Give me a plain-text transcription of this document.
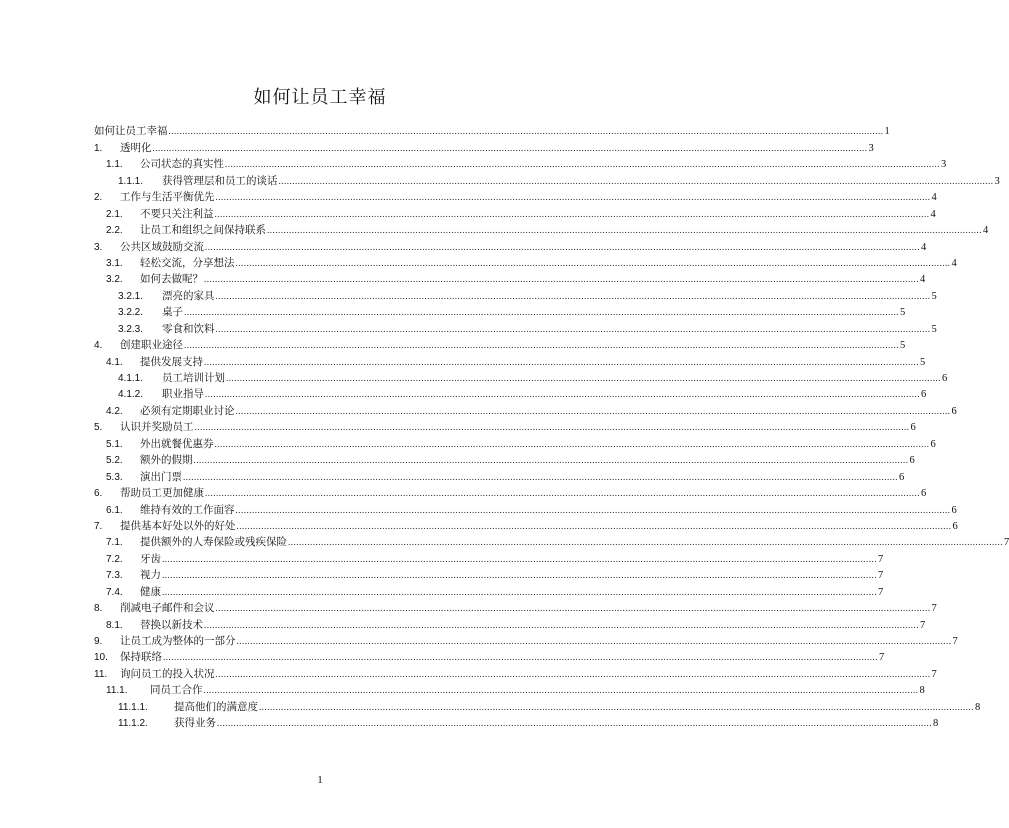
如何让员工幸福
如何让员工幸福 .................................................................................................................................................................................................................................................................... 1
1.	透明化 .................................................................................................................................................................................................................................................................... 3
1.1.	公司状态的真实性 .................................................................................................................................................................................................................................................................... 3
1.1.1.	获得管理层和员工的谈话 .................................................................................................................................................................................................................................................................... 3
2.	工作与生活平衡优先 .................................................................................................................................................................................................................................................................... 4
2.1.	不要只关注利益 .................................................................................................................................................................................................................................................................... 4
2.2.	让员工和组织之间保持联系 .................................................................................................................................................................................................................................................................... 4
3.	公共区域鼓励交流 .................................................................................................................................................................................................................................................................... 4
3.1.	轻松交流，分享想法 .................................................................................................................................................................................................................................................................... 4
3.2.	如何去做呢？ .................................................................................................................................................................................................................................................................... 4
3.2.1.	漂亮的家具 .................................................................................................................................................................................................................................................................... 5
3.2.2.	桌子 .................................................................................................................................................................................................................................................................... 5
3.2.3.	零食和饮料 .................................................................................................................................................................................................................................................................... 5
4.	创建职业途径 .................................................................................................................................................................................................................................................................... 5
4.1.	提供发展支持 .................................................................................................................................................................................................................................................................... 5
4.1.1.	员工培训计划 .................................................................................................................................................................................................................................................................... 6
4.1.2.	职业指导 .................................................................................................................................................................................................................................................................... 6
4.2.	必须有定期职业讨论 .................................................................................................................................................................................................................................................................... 6
5.	认识并奖励员工 .................................................................................................................................................................................................................................................................... 6
5.1.	外出就餐优惠券 .................................................................................................................................................................................................................................................................... 6
5.2.	额外的假期 .................................................................................................................................................................................................................................................................... 6
5.3.	演出门票 .................................................................................................................................................................................................................................................................... 6
6.	帮助员工更加健康 .................................................................................................................................................................................................................................................................... 6
6.1.	维持有效的工作面容 .................................................................................................................................................................................................................................................................... 6
7.	提供基本好处以外的好处 .................................................................................................................................................................................................................................................................... 6
7.1.	提供额外的人寿保险或残疾保险 .................................................................................................................................................................................................................................................................... 7
7.2.	牙齿 .................................................................................................................................................................................................................................................................... 7
7.3.	视力 .................................................................................................................................................................................................................................................................... 7
7.4.	健康 .................................................................................................................................................................................................................................................................... 7
8.	削减电子邮件和会议 .................................................................................................................................................................................................................................................................... 7
8.1.	替换以新技术 .................................................................................................................................................................................................................................................................... 7
9.	让员工成为整体的一部分 .................................................................................................................................................................................................................................................................... 7
10.	保持联络 .................................................................................................................................................................................................................................................................... 7
11.	询问员工的投入状况 .................................................................................................................................................................................................................................................................... 7
11.1.	同员工合作 .................................................................................................................................................................................................................................................................... 8
11.1.1.	提高他们的满意度 .................................................................................................................................................................................................................................................................... 8
11.1.2.	获得业务 .................................................................................................................................................................................................................................................................... 8
1
